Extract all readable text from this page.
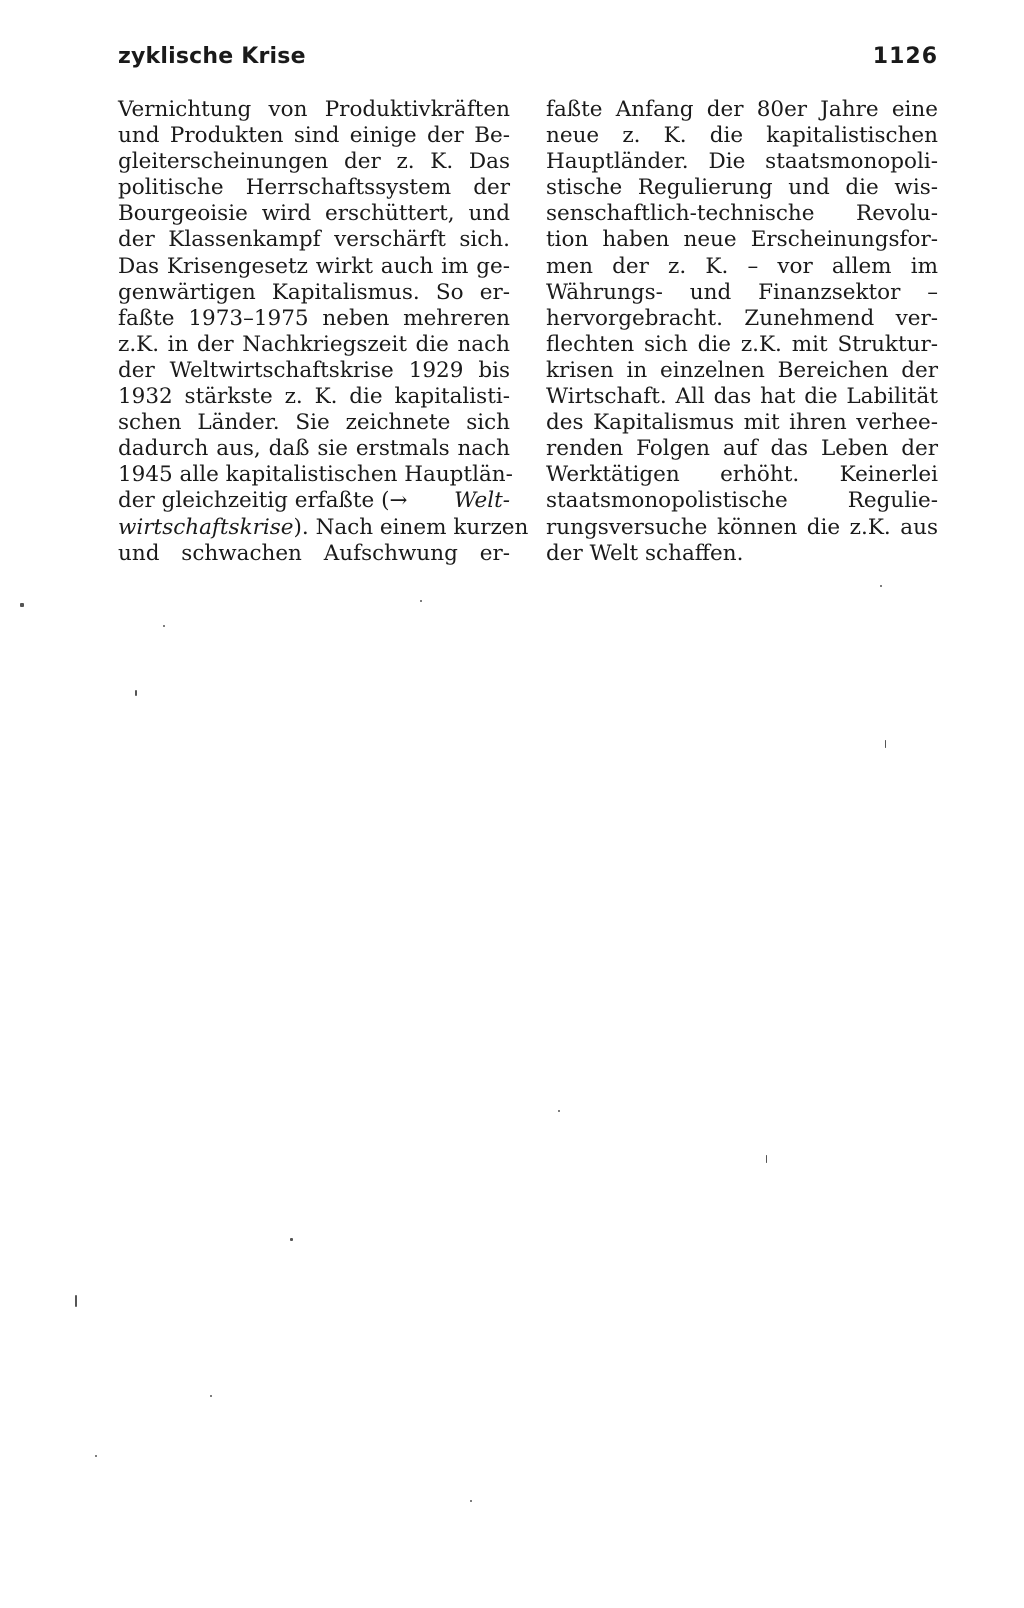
zyklische Krise	1126
Vernichtung von Produktivkräften
und Produkten sind einige der Be-
gleiterscheinungen der z. K. Das
politische Herrschaftssystem der
Bourgeoisie wird erschüttert, und
der Klassenkampf verschärft sich.
Das Krisengesetz wirkt auch im ge-
genwärtigen Kapitalismus. So er-
faßte 1973–1975 neben mehreren
z.K. in der Nachkriegszeit die nach
der Weltwirtschaftskrise 1929 bis
1932 stärkste z. K. die kapitalisti-
schen Länder. Sie zeichnete sich
dadurch aus, daß sie erstmals nach
1945 alle kapitalistischen Hauptlän-
der gleichzeitig erfaßte (→ Welt-
wirtschaftskrise). Nach einem kurzen
und schwachen Aufschwung er-
faßte Anfang der 80er Jahre eine
neue z. K. die kapitalistischen
Hauptländer. Die staatsmonopoli-
stische Regulierung und die wis-
senschaftlich-technische Revolu-
tion haben neue Erscheinungsfor-
men der z. K. – vor allem im
Währungs- und Finanzsektor –
hervorgebracht. Zunehmend ver-
flechten sich die z.K. mit Struktur-
krisen in einzelnen Bereichen der
Wirtschaft. All das hat die Labilität
des Kapitalismus mit ihren verhee-
renden Folgen auf das Leben der
Werktätigen erhöht. Keinerlei
staatsmonopolistische Regulie-
rungsversuche können die z.K. aus
der Welt schaffen.
